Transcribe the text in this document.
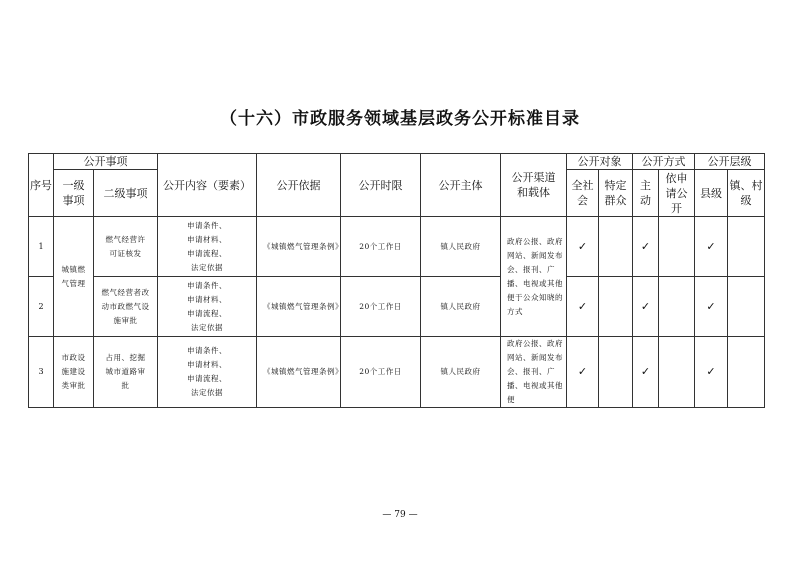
（十六）市政服务领域基层政务公开标准目录
序号	公开事项		公开内容（要素）	公开依据	公开时限	公开主体	公开渠道和载体	公开对象		公开方式		公开层级	
	一级事项	二级事项						全社会	特定群众	主动	依申请公开	县级	镇、村级
1	城镇燃气管理	燃气经营许可证核发	申请条件、申请材料、申请流程、法定依据	《城镇燃气管理条例》	20个工作日	镇人民政府	政府公报、政府网站、新闻发布会、报刊、广播、电视或其他便于公众知晓的方式	✓		✓		✓	
2		燃气经营者改动市政燃气设施审批	申请条件、申请材料、申请流程、法定依据	《城镇燃气管理条例》	20个工作日	镇人民政府		✓		✓		✓	
3	市政设施建设类审批	占用、挖掘城市道路审批	申请条件、申请材料、申请流程、法定依据	《城镇燃气管理条例》	20个工作日	镇人民政府	政府公报、政府网站、新闻发布会、报刊、广播、电视或其他便	✓		✓		✓	
— 79 —
